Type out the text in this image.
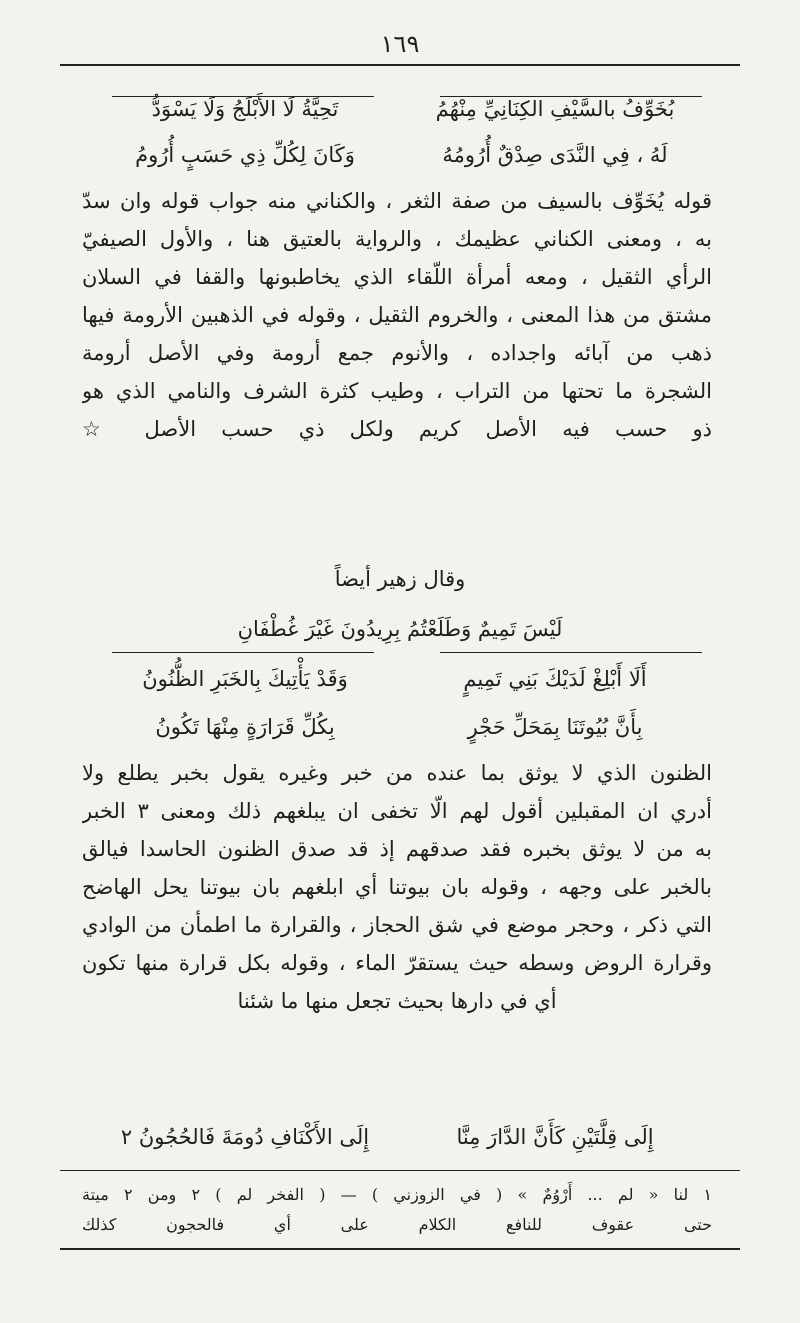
١٦٩
بُخَوِّفُ بالسَّيْفِ الكِنَانِيِّ مِنْهُمُ
تَحِيَّةُ لَا الأَبْلَجُ وَلَا يَسْوَدُّ
لَهُ ، فِي النَّدَى صِدْقٌ أُرُومُهُ
وَكَانَ لِكُلِّ ذِي حَسَبٍ أُرُومُ
قوله يُخَوِّف بالسيف من صفة الثغر ، والكناني منه جواب قوله وان سدّ
به ، ومعنى الكناني عظيمك ، والرواية بالعتيق هنا ، والأول الصيفيّ
الرأي الثقيل ، ومعه أمرأة اللّقاء الذي يخاطبونها والقفا في السلان
مشتق من هذا المعنى ، والخروم الثقيل ، وقوله في الذهبين الأرومة فيها
ذهب من آبائه واجداده ، والأنوم جمع أرومة وفي الأصل أرومة
الشجرة ما تحتها من التراب ، وطيب كثرة الشرف والنامي الذي هو
ذو حسب فيه الأصل كريم ولكل ذي حسب الأصل ☆
وقال زهير أيضاً
لَيْسَ تَمِيمٌ وَطَلَعْتُمُ بِرِيدُونَ غَيْرَ غُطْفَانِ
أَلَا أَبْلِغْ لَدَيْكَ بَنِي تَمِيمٍ
وَقَدْ يَأْتِيكَ بِالخَبَرِ الظُّنُونُ
بِأَنَّ بُيُوتَنَا بِمَحَلِّ حَجْرٍ
بِكُلِّ قَرَارَةٍ مِنْهَا تَكُونُ
الظنون الذي لا يوثق بما عنده من خبر وغيره يقول بخبر يطلع ولا
أدري ان المقبلين أقول لهم الّا تخفى ان يبلغهم ذلك ومعنى ٣ الخبر
به من لا يوثق بخبره فقد صدقهم إذ قد صدق الظنون الحاسدا فيالق
بالخبر على وجهه ، وقوله بان بيوتنا أي ابلغهم بان بيوتنا يحل الهاضح
التي ذكر ، وحجر موضع في شق الحجاز ، والقرارة ما اطمأن من الوادي
وقرارة الروض وسطه حيث يستقرّ الماء ، وقوله بكل قرارة منها تكون
أي في دارها بحيث تجعل منها ما شئنا
إِلَى قِلَّتَيْنِ كَأَنَّ الدَّارَ مِنَّا
إِلَى الأَكْنَافِ دُومَةَ فَالحُجُونُ ٢
١ لنا « لم ... أَرْوُمٌ » ( في الزوزني ) — ( الفخر لم ) ٢ ومن ٢ ميتة
حتى عقوف للنافع الكلام على أي فالحجون كذلك
